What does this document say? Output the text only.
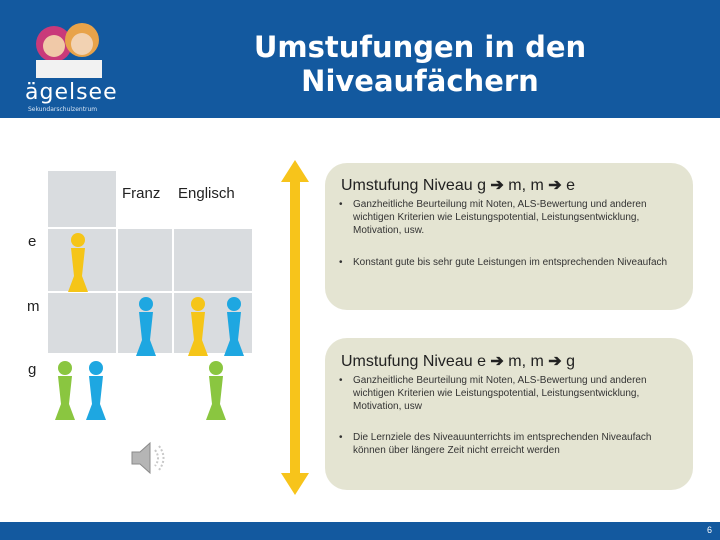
ägelsee
Sekundarschulzentrum
Umstufungen in den Niveaufächern
Franz Englisch
e
m
g
Umstufung Niveau g ➔ m, m ➔ e
• Ganzheitliche Beurteilung mit Noten, ALS-Bewertung und anderen wichtigen Kriterien wie Leistungspotential, Leistungsentwicklung, Motivation, usw.
• Konstant gute bis sehr gute Leistungen im entsprechenden Niveaufach
Umstufung Niveau e ➔ m, m ➔ g
• Ganzheitliche Beurteilung mit Noten, ALS-Bewertung und anderen wichtigen Kriterien wie Leistungspotential, Leistungsentwicklung, Motivation, usw
• Die Lernziele des Niveauunterrichts im entsprechenden Niveaufach können über längere Zeit nicht erreicht werden
6
